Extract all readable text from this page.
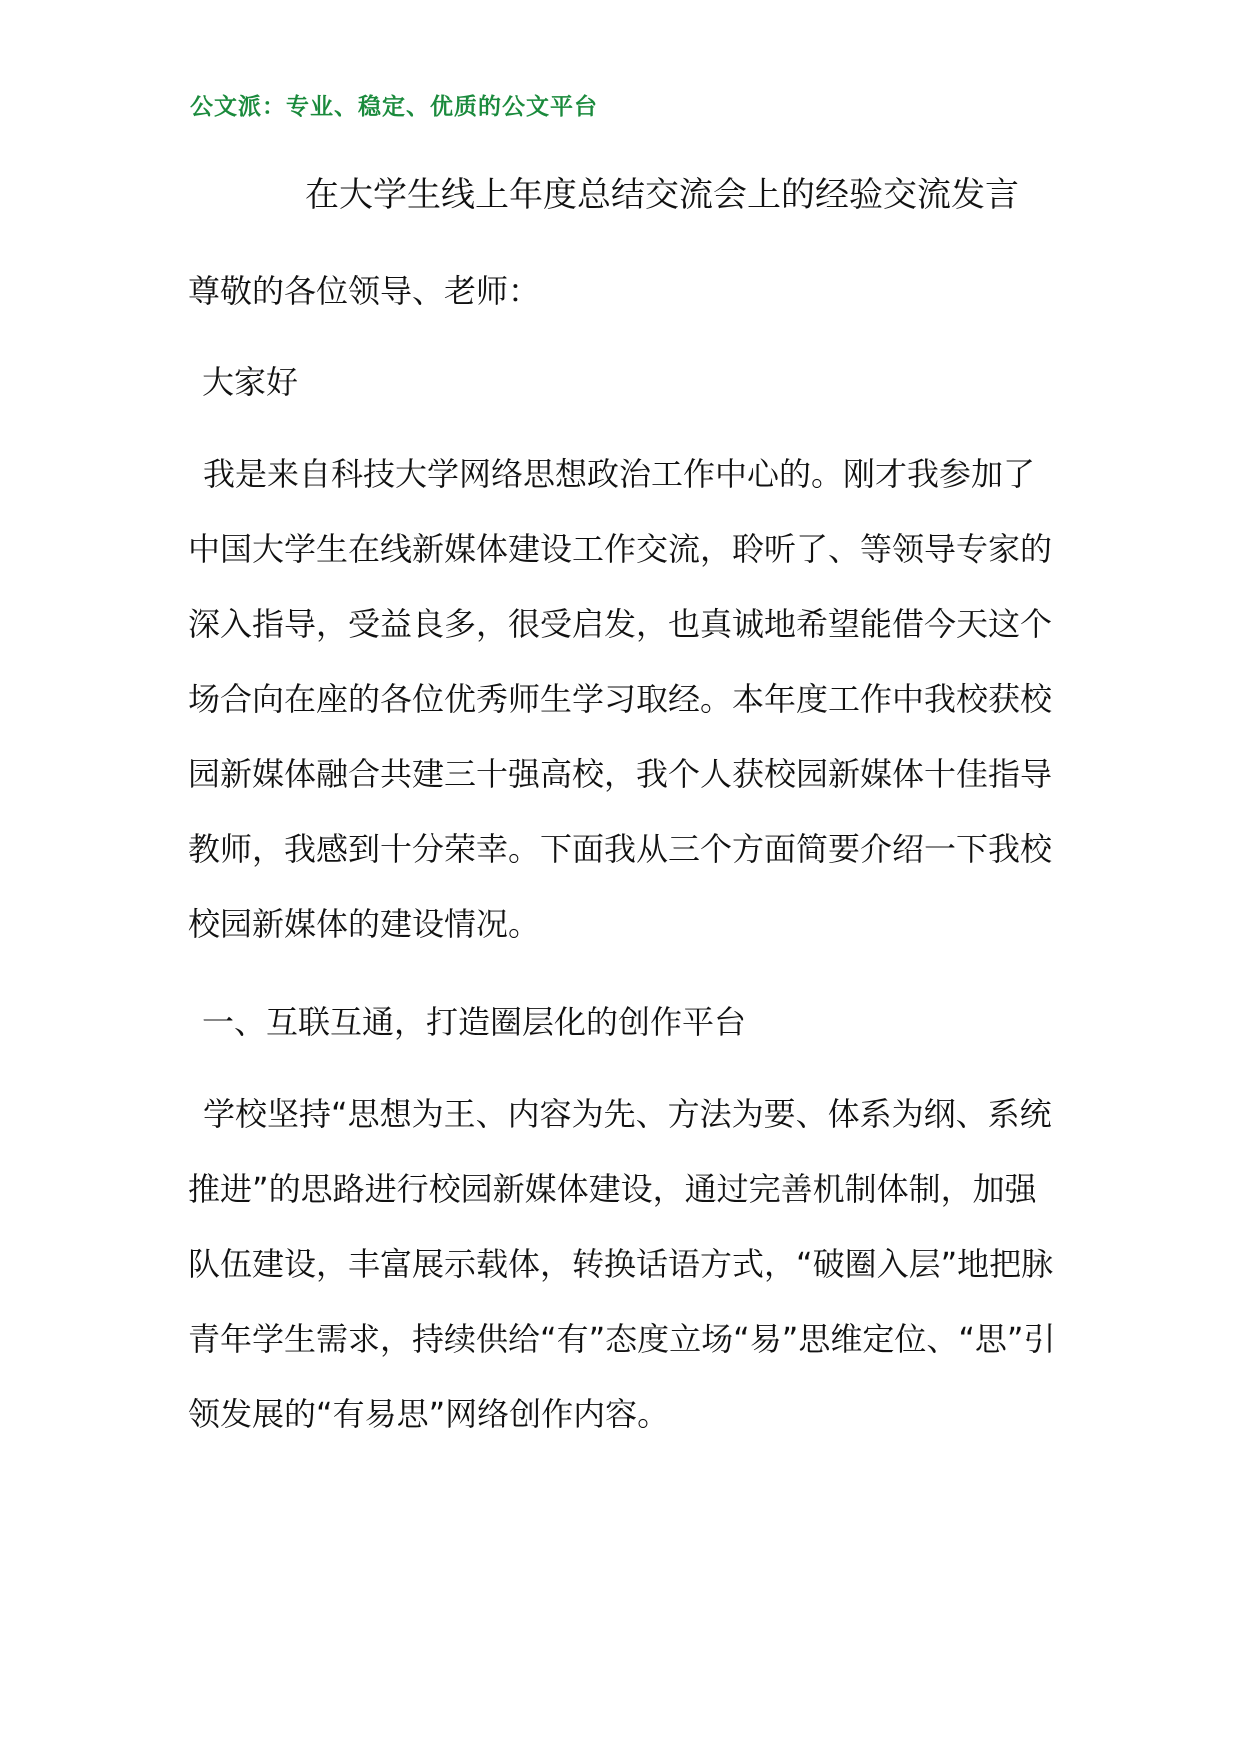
公文派：专业、稳定、优质的公文平台
在大学生线上年度总结交流会上的经验交流发言
尊敬的各位领导、老师：
大家好
我是来自科技大学网络思想政治工作中心的。刚才我参加了中国大学生在线新媒体建设工作交流，聆听了、等领导专家的深入指导，受益良多，很受启发，也真诚地希望能借今天这个场合向在座的各位优秀师生学习取经。本年度工作中我校获校园新媒体融合共建三十强高校，我个人获校园新媒体十佳指导教师，我感到十分荣幸。下面我从三个方面简要介绍一下我校校园新媒体的建设情况。
一、互联互通，打造圈层化的创作平台
学校坚持“思想为王、内容为先、方法为要、体系为纲、系统推进”的思路进行校园新媒体建设，通过完善机制体制，加强队伍建设，丰富展示载体，转换话语方式，“破圈入层”地把脉青年学生需求，持续供给“有”态度立场“易”思维定位、“思”引领发展的“有易思”网络创作内容。
